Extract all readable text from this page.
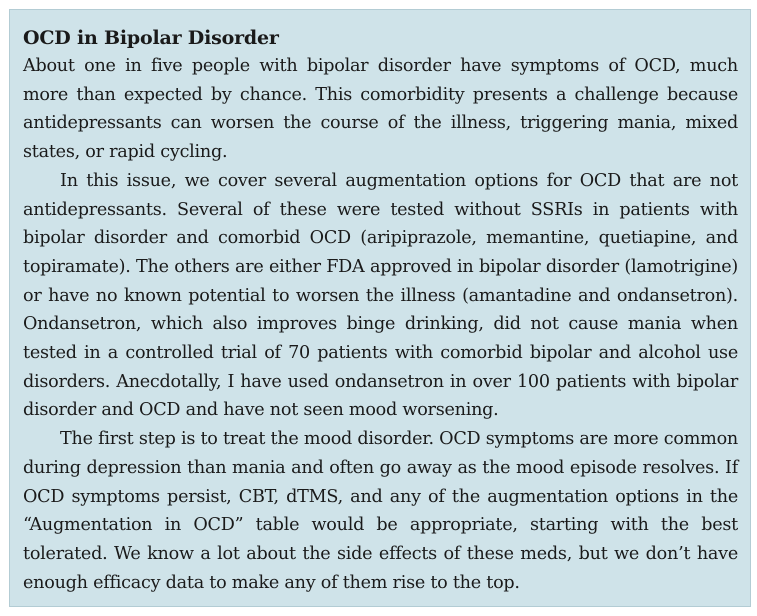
OCD in Bipolar Disorder

About one in five people with bipolar disorder have symptoms of OCD, much more than expected by chance. This comorbidity presents a challenge because antidepressants can worsen the course of the illness, triggering mania, mixed states, or rapid cycling.

In this issue, we cover several augmentation options for OCD that are not antidepressants. Several of these were tested without SSRIs in patients with bipolar disorder and comorbid OCD (aripiprazole, memantine, quetiapine, and topiramate). The others are either FDA approved in bipolar disorder (lamotrigine) or have no known potential to worsen the illness (amantadine and ondansetron). Ondansetron, which also improves binge drinking, did not cause mania when tested in a controlled trial of 70 patients with comorbid bipolar and alcohol use disorders. Anecdotally, I have used ondansetron in over 100 patients with bipolar disorder and OCD and have not seen mood worsening.

The first step is to treat the mood disorder. OCD symptoms are more common during depression than mania and often go away as the mood episode resolves. If OCD symptoms persist, CBT, dTMS, and any of the augmentation options in the “Augmentation in OCD” table would be appropriate, starting with the best tolerated. We know a lot about the side effects of these meds, but we don’t have enough efficacy data to make any of them rise to the top.
